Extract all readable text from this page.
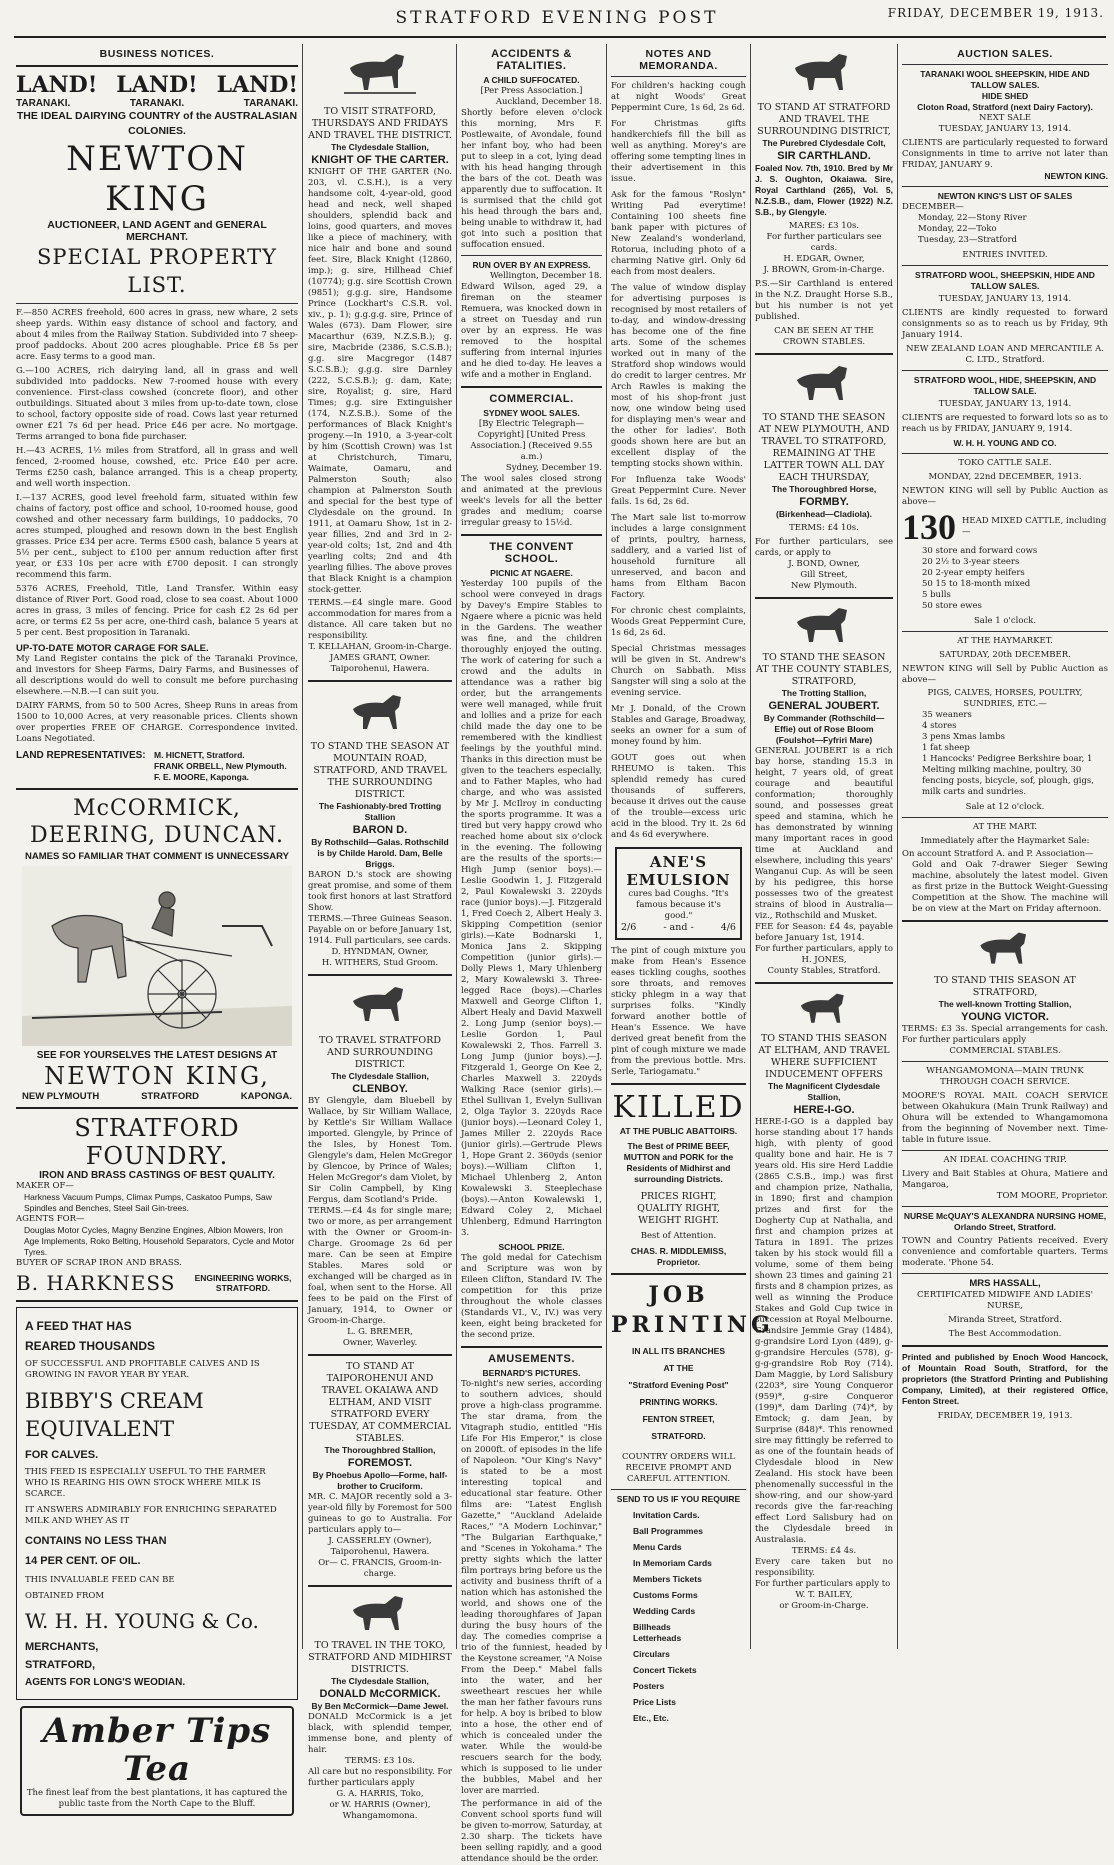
STRATFORD EVENING POST	FRIDAY, DECEMBER 19, 1913.
BUSINESS NOTICES.
LAND! LAND! LAND!
TARANAKI.	TARANAKI.	TARANAKI.
THE IDEAL DAIRYING COUNTRY of the AUSTRALASIAN COLONIES.
NEWTON KING
AUCTIONEER, LAND AGENT and GENERAL MERCHANT.
SPECIAL PROPERTY LIST.
F.—850 ACRES freehold, 600 acres in grass, new whare, 2 sets sheep yards. Within easy distance of school and factory, and about 4 miles from the Railway Station. Subdivided into 7 sheep-proof paddocks. About 200 acres ploughable. Price £8 5s per acre. Easy terms to a good man.
G.—100 ACRES, rich dairying land, all in grass and well subdivided into paddocks. New 7-roomed house with every convenience. First-class cowshed (concrete floor), and other outbuildings. Situated about 3 miles from up-to-date town, close to school, factory opposite side of road. Cows last year returned owner £21 7s 6d per head. Price £46 per acre. No mortgage. Terms arranged to bona fide purchaser.
H.—43 ACRES, 1½ miles from Stratford, all in grass and well fenced, 2-roomed house, cowshed, etc. Price £40 per acre. Terms £250 cash, balance arranged. This is a cheap property, and well worth inspection.
I.—137 ACRES, good level freehold farm, situated within few chains of factory, post office and school, 10-roomed house, good cowshed and other necessary farm buildings, 10 paddocks, 70 acres stumped, ploughed and resown down in the best English grasses. Price £34 per acre. Terms £500 cash, balance 5 years at 5½ per cent., subject to £100 per annum reduction after first year, or £33 10s per acre with £700 deposit. I can strongly recommend this farm.
5376 ACRES, Freehold, Title, Land Transfer. Within easy distance of River Port. Good road, close to sea coast. About 1000 acres in grass, 3 miles of fencing. Price for cash £2 2s 6d per acre, or terms £2 5s per acre, one-third cash, balance 5 years at 5 per cent. Best proposition in Taranaki.
UP-TO-DATE MOTOR CARAGE FOR SALE.
My Land Register contains the pick of the Taranaki Province, and investors for Sheep Farms, Dairy Farms, and Businesses of all descriptions would do well to consult me before purchasing elsewhere.—N.B.—I can suit you.
DAIRY FARMS, from 50 to 500 Acres, Sheep Runs in areas from 1500 to 10,000 Acres, at very reasonable prices. Clients shown over properties FREE OF CHARGE. Correspondence invited. Loans Negotiated.
LAND REPRESENTATIVES: M. HICNETT, Stratford.
FRANK ORBELL, New Plymouth.
F. E. MOORE, Kaponga.
McCORMICK, DEERING, DUNCAN.
NAMES SO FAMILIAR THAT COMMENT IS UNNECESSARY
SEE FOR YOURSELVES THE LATEST DESIGNS AT
NEWTON KING,
NEW PLYMOUTH	STRATFORD	KAPONGA.
STRATFORD FOUNDRY.
IRON AND BRASS CASTINGS OF BEST QUALITY.
MAKER OF—
Harkness Vacuum Pumps, Climax Pumps, Caskatoo Pumps, Saw Spindles and Benches, Steel Sail Gin-trees.
AGENTS FOR—
Douglas Motor Cycles, Magny Benzine Engines, Albion Mowers, Iron Age Implements, Roko Belting, Household Separators, Cycle and Motor Tyres.
BUYER OF SCRAP IRON AND BRASS.
B. HARKNESS	ENGINEERING WORKS, STRATFORD.
A FEED THAT HAS
REARED THOUSANDS
OF SUCCESSFUL AND PROFITABLE CALVES AND IS GROWING IN FAVOR YEAR BY YEAR.
BIBBY'S CREAM
EQUIVALENT
FOR CALVES.
THIS FEED IS ESPECIALLY USEFUL TO THE FARMER WHO IS REARING HIS OWN STOCK WHERE MILK IS SCARCE.
IT ANSWERS ADMIRABLY FOR ENRICHING SEPARATED MILK AND WHEY AS IT
CONTAINS NO LESS THAN
14 PER CENT. OF OIL.
THIS INVALUABLE FEED CAN BE
OBTAINED FROM
W. H. H. YOUNG & Co.
MERCHANTS,
STRATFORD,
AGENTS FOR LONG'S WEODIAN.
Amber Tips Tea
The finest leaf from the best plantations, it has captured the public taste from the North Cape to the Bluff.
TO VISIT STRATFORD, THURSDAYS AND FRIDAYS AND TRAVEL THE DISTRICT.
The Clydesdale Stallion,
KNIGHT OF THE CARTER.
KNIGHT OF THE GARTER (No. 203, vl. C.S.H.), is a very handsome colt, 4-year-old, good head and neck, well shaped shoulders, splendid back and loins, good quarters, and moves like a piece of machinery, with nice hair and bone and sound feet. Sire, Black Knight (12860, imp.); g. sire, Hillhead Chief (10774); g.g. sire Scottish Crown (9851); g.g.g. sire, Handsome Prince (Lockhart's C.S.R. vol. xiv., p. 1); g.g.g.g. sire, Prince of Wales (673). Dam Flower, sire Macarthur (639, N.Z.S.B.); g. sire, Macbride (2386, S.C.S.B.); g.g. sire Macgregor (1487 S.C.S.B.); g.g.g. sire Darnley (222, S.C.S.B.); g. dam, Kate; sire, Royalist; g. sire, Hard Times; g.g. sire Extinguisher (174, N.Z.S.B.). Some of the performances of Black Knight's progeny.—In 1910, a 3-year-colt by him (Scottish Crown) was 1st at Christchurch, Timaru, Waimate, Oamaru, and Palmerston South; also champion at Palmerston South and special for the best type of Clydesdale on the ground. In 1911, at Oamaru Show, 1st in 2-year fillies, 2nd and 3rd in 2-year-old colts; 1st, 2nd and 4th yearling colts; 2nd and 4th yearling fillies. The above proves that Black Knight is a champion stock-getter.
TERMS.—£4 single mare. Good accommodation for mares from a distance. All care taken but no responsibility.
T. KELLAHAN, Groom-in-Charge.
JAMES GRANT, Owner.
Taiporohenui, Hawera.
TO STAND THE SEASON AT MOUNTAIN ROAD, STRATFORD, AND TRAVEL THE SURROUNDING DISTRICT.
The Fashionably-bred Trotting Stallion
BARON D.
By Rothschild—Galas. Rothschild is by Childe Harold. Dam, Belle Briggs.
BARON D.'s stock are showing great promise, and some of them took first honors at last Stratford Show.
TERMS.—Three Guineas Season. Payable on or before January 1st, 1914. Full particulars, see cards.
D. HYNDMAN, Owner,
H. WITHERS, Stud Groom.
TO TRAVEL STRATFORD AND SURROUNDING DISTRICT.
The Clydesdale Stallion,
CLENBOY.
BY Glengyle, dam Bluebell by Wallace, by Sir William Wallace, by Kettle's Sir William Wallace imported. Glengyle, by Prince of the Isles, by Honest Tom. Glengyle's dam, Helen McGregor by Glencoe, by Prince of Wales; Helen McGregor's dam Violet, by Sir Colin Campbell, by King Fergus, dam Scotland's Pride.
TERMS.—£4 4s for single mare; two or more, as per arrangement with the Owner or Groom-in-Charge. Groomage 2s 6d per mare. Can be seen at Empire Stables. Mares sold or exchanged will be charged as in foal, when sent to the Horse. All fees to be paid on the First of January, 1914, to Owner or Groom-in-Charge.
L. G. BREMER,
Owner, Waverley.
TO STAND AT TAIPOROHENUI AND TRAVEL OKAIAWA AND ELTHAM, AND VISIT STRATFORD EVERY TUESDAY, AT COMMERCIAL STABLES.
The Thoroughbred Stallion,
FOREMOST.
By Phoebus Apollo—Forme, half-brother to Cruciform.
MR. C. MAJOR recently sold a 3-year-old filly by Foremost for 500 guineas to go to Australia. For particulars apply to—
J. CASSERLEY (Owner),
Taiporohenui, Hawera.
Or— C. FRANCIS, Groom-in-charge.
TO TRAVEL IN THE TOKO, STRATFORD AND MIDHIRST DISTRICTS.
The Clydesdale Stallion,
DONALD McCORMICK.
By Ben McCormick—Dame Jewel.
DONALD McCormick is a jet black, with splendid temper, immense bone, and plenty of hair.
TERMS: £3 10s.
All care but no responsibility. For further particulars apply
G. A. HARRIS, Toko,
or W. HARRIS (Owner),
Whangamomona.
ACCIDENTS & FATALITIES.
A CHILD SUFFOCATED.
[Per Press Association.]
Auckland, December 18.
Shortly before eleven o'clock this morning, Mrs F. Postlewaite, of Avondale, found her infant boy, who had been put to sleep in a cot, lying dead with his head hanging through the bars of the cot. Death was apparently due to suffocation. It is surmised that the child got his head through the bars and, being unable to withdraw it, had got into such a position that suffocation ensued.
RUN OVER BY AN EXPRESS.
Wellington, December 18.
Edward Wilson, aged 29, a fireman on the steamer Remuera, was knocked down in a street on Tuesday and run over by an express. He was removed to the hospital suffering from internal injuries and he died to-day. He leaves a wife and a mother in England.
COMMERCIAL.
SYDNEY WOOL SALES.
[By Electric Telegraph—Copyright] [United Press Association.] (Received 9.55 a.m.)
Sydney, December 19.
The wool sales closed strong and animated at the previous week's levels for all the better grades and medium; coarse irregular greasy to 15½d.
THE CONVENT SCHOOL.
PICNIC AT NGAERE.
Yesterday 100 pupils of the school were conveyed in drags by Davey's Empire Stables to Ngaere where a picnic was held in the Gardens. The weather was fine, and the children thoroughly enjoyed the outing. The work of catering for such a crowd and the adults in attendance was a rather big order, but the arrangements were well managed, while fruit and lollies and a prize for each child made the day one to be remembered with the kindliest feelings by the youthful mind. Thanks in this direction must be given to the teachers especially, and to Father Maples, who had charge, and who was assisted by Mr J. McIlroy in conducting the sports programme. It was a tired but very happy crowd who reached home about six o'clock in the evening. The following are the results of the sports:— High Jump (senior boys).—Leslie Goodwin 1, J. Fitzgerald 2, Paul Kowalewski 3. 220yds race (junior boys).—J. Fitzgerald 1, Fred Coech 2, Albert Healy 3. Skipping Competition (senior girls).—Kate Bodnarski 1, Monica Jans 2. Skipping Competition (junior girls).—Dolly Plews 1, Mary Uhlenberg 2, Mary Kowalewski 3. Three-legged Race (boys).—Charles Maxwell and George Clifton 1, Albert Healy and David Maxwell 2. Long Jump (senior boys).—Leslie Gordon 1, Paul Kowalewski 2, Thos. Farrell 3. Long Jump (junior boys).—J. Fitzgerald 1, George On Kee 2, Charles Maxwell 3. 220yds Walking Race (senior girls).—Ethel Sullivan 1, Evelyn Sullivan 2, Olga Taylor 3. 220yds Race (junior boys).—Leonard Coley 1, James Miller 2. 220yds Race (junior girls).—Gertrude Plews 1, Hope Grant 2. 360yds (senior boys).—William Clifton 1, Michael Uhlenberg 2, Anton Kowalewski 3. Steeplechase (boys).—Anton Kowalewski 1, Edward Coley 2, Michael Uhlenberg, Edmund Harrington 3.
SCHOOL PRIZE.
The gold medal for Catechism and Scripture was won by Eileen Clifton, Standard IV. The competition for this prize throughout the whole classes (Standards VI., V., IV.) was very keen, eight being bracketed for the second prize.
AMUSEMENTS.
BERNARD'S PICTURES.
To-night's new series, according to southern advices, should prove a high-class programme. The star drama, from the Vitagraph studio, entitled "His Life For His Emperor," is close on 2000ft. of episodes in the life of Napoleon. "Our King's Navy" is stated to be a most interesting topical and educational star feature. Other films are: "Latest English Gazette," "Auckland Adelaide Races," "A Modern Lochinvar," "The Bulgarian Earthquake," and "Scenes in Yokohama." The pretty sights which the latter film portrays bring before us the activity and business thrift of a nation which has astonished the world, and shows one of the leading thoroughfares of Japan during the busy hours of the day. The comedies comprise a trio of the funniest, headed by the Keystone screamer, "A Noise From the Deep." Mabel falls into the water, and her sweetheart rescues her while the man her father favours runs for help. A boy is bribed to blow into a hose, the other end of which is concealed under the water. While the would-be rescuers search for the body, which is supposed to lie under the bubbles, Mabel and her lover are married.
The performance in aid of the Convent school sports fund will be given to-morrow, Saturday, at 2.30 sharp. The tickets have been selling rapidly, and a good attendance should be the order.
NOTES AND MEMORANDA.

For children's hacking cough at night Woods' Great Peppermint Cure, 1s 6d, 2s 6d.

For Christmas gifts handkerchiefs fill the bill as well as anything. Morey's are offering some tempting lines in their advertisement in this issue.

Ask for the famous "Roslyn" Writing Pad everytime! Containing 100 sheets fine bank paper with pictures of New Zealand's wonderland, Rotorua, including photo of a charming Native girl. Only 6d each from most dealers.

The value of window display for advertising purposes is recognised by most retailers of to-day, and window-dressing has become one of the fine arts. Some of the schemes worked out in many of the Stratford shop windows would do credit to larger centres. Mr Arch Rawles is making the most of his shop-front just now, one window being used for displaying men's wear and the other for ladies'. Both goods shown here are but an excellent display of the tempting stocks shown within.

For Influenza take Woods' Great Peppermint Cure. Never fails. 1s 6d, 2s 6d.

The Mart sale list to-morrow includes a large consignment of prints, poultry, harness, saddlery, and a varied list of household furniture all unreserved, and bacon and hams from Eltham Bacon Factory.

For chronic chest complaints, Woods Great Peppermint Cure, 1s 6d, 2s 6d.

Special Christmas messages will be given in St. Andrew's Church on Sabbath. Miss Sangster will sing a solo at the evening service.

Mr J. Donald, of the Crown Stables and Garage, Broadway, seeks an owner for a sum of money found by him.

GOUT goes out when RHEUMO is taken. This splendid remedy has cured thousands of sufferers, because it drives out the cause of the trouble—excess uric acid in the blood. Try it. 2s 6d and 4s 6d everywhere.

ANE'S EMULSION
cures bad Coughs. "It's famous because it's good."
2/6	- and -	4/6

The pint of cough mixture you make from Hean's Essence eases tickling coughs, soothes sore throats, and removes sticky phlegm in a way that surprises folks. "Kindly forward another bottle of Hean's Essence. We have derived great benefit from the pint of cough mixture we made from the previous bottle. Mrs. Serle, Tariogamatu."

KILLED
AT THE PUBLIC ABATTOIRS.
The Best of PRIME BEEF, MUTTON and PORK for the Residents of Midhirst and surrounding Districts.
PRICES RIGHT,
QUALITY RIGHT,
WEIGHT RIGHT.
Best of Attention.
CHAS. R. MIDDLEMISS,
Proprietor.
JOB
PRINTING
IN ALL ITS BRANCHES
AT THE
"Stratford Evening Post"
PRINTING WORKS.
FENTON STREET,
STRATFORD.
COUNTRY ORDERS WILL RECEIVE PROMPT AND CAREFUL ATTENTION.
SEND TO US IF YOU REQUIRE
Invitation Cards.
Ball Programmes
Menu Cards
In Memoriam Cards
Members Tickets
Customs Forms
Wedding Cards
Billheads
Letterheads
Circulars
Concert Tickets
Posters
Price Lists
Etc., Etc.
TO STAND AT STRATFORD AND TRAVEL THE SURROUNDING DISTRICT,
The Purebred Clydesdale Colt,
SIR CARTHLAND.
Foaled Nov. 7th, 1910. Bred by Mr J. S. Oughton, Okaiawa. Sire, Royal Carthland (265), Vol. 5, N.Z.S.B., dam, Flower (1922) N.Z. S.B., by Glengyle.
MARES: £3 10s.
For further particulars see cards.
H. EDGAR, Owner,
J. BROWN, Grom-in-Charge.
P.S.—Sir Carthland is entered in the N.Z. Draught Horse S.B., but his number is not yet published.
CAN BE SEEN AT THE CROWN STABLES.
TO STAND THE SEASON AT NEW PLYMOUTH, AND TRAVEL TO STRATFORD, REMAINING AT THE LATTER TOWN ALL DAY EACH THURSDAY,
The Thoroughbred Horse,
FORMBY.
(Birkenhead—Cladiola).
TERMS: £4 10s.
For further particulars, see cards, or apply to
J. BOND, Owner,
Gill Street,
New Plymouth.
TO STAND THE SEASON AT THE COUNTY STABLES, STRATFORD,
The Trotting Stallion,
GENERAL JOUBERT.
By Commander (Rothschild—Effie) out of Rose Bloom (Foulshot—Fyfriri Mare)
GENERAL JOUBERT is a rich bay horse, standing 15.3 in height, 7 years old, of great courage and beautiful conformation; thoroughly sound, and possesses great speed and stamina, which he has demonstrated by winning many important races in good time at Auckland and elsewhere, including this years' Wanganui Cup. As will be seen by his pedigree, this horse possesses two of the greatest strains of blood in Australia—viz., Rothschild and Musket.
FEE for Season: £4 4s, payable before January 1st, 1914.
For further particulars, apply to
H. JONES,
County Stables, Stratford.
TO STAND THIS SEASON AT ELTHAM, AND TRAVEL WHERE SUFFICIENT INDUCEMENT OFFERS
The Magnificent Clydesdale Stallion,
HERE-I-GO.
HERE-I-GO is a dappled bay horse standing about 17 hands high, with plenty of good quality bone and hair. He is 7 years old. His sire Herd Laddie (2865 C.S.B., imp.) was first and champion prize, Nathalia, in 1890; first and champion prizes and first for the Dogherty Cup at Nathalia, and first and champion prizes at Tatura in 1891. The prizes taken by his stock would fill a volume, some of them being shown 23 times and gaining 21 firsts and 8 champion prizes, as well as winning the Produce Stakes and Gold Cup twice in succession at Royal Melbourne. Grandsire Jemmie Gray (1484), g-grandsire Lord Lyon (489), g-g-grandsire Hercules (578), g-g-g-grandsire Rob Roy (714). Dam Maggie, by Lord Salisbury (2203*, sire Young Conqueror (959)*, g-sire Conqueror (199)*, dam Darling (74)*, by Emtock; g. dam Jean, by Surprise (848)*. This renowned sire may fittingly be referred to as one of the fountain heads of Clydesdale blood in New Zealand. His stock have been phenomenally successful in the show-ring, and our show-yard records give the far-reaching effect Lord Salisbury had on the Clydesdale breed in Australasia.
TERMS: £4 4s.
Every care taken but no responsibility.
For further particulars apply to
W. T. BAILEY,
or Groom-in-Charge.
AUCTION SALES.
TARANAKI WOOL SHEEPSKIN, HIDE AND TALLOW SALES.
HIDE SHED
Cloton Road, Stratford (next Dairy Factory).
NEXT SALE
TUESDAY, JANUARY 13, 1914.
CLIENTS are particularly requested to forward Consignments in time to arrive not later than FRIDAY, JANUARY 9.
NEWTON KING.
NEWTON KING'S LIST OF SALES
DECEMBER—
Monday, 22—Stony River
Monday, 22—Toko
Tuesday, 23—Stratford
ENTRIES INVITED.
STRATFORD WOOL, SHEEPSKIN, HIDE AND TALLOW SALES.
TUESDAY, JANUARY 13, 1914.
CLIENTS are kindly requested to forward consignments so as to reach us by Friday, 9th January 1914.
NEW ZEALAND LOAN AND MERCANTILE A. C. LTD., Stratford.
STRATFORD WOOL, HIDE, SHEEPSKIN, AND TALLOW SALE.
TUESDAY, JANUARY 13, 1914.
CLIENTS are requested to forward lots so as to reach us by FRIDAY, JANUARY 9, 1914.
W. H. H. YOUNG AND CO.
TOKO CATTLE SALE.
MONDAY, 22nd DECEMBER, 1913.
NEWTON KING will sell by Public Auction as above—
130 HEAD MIXED CATTLE, including—
30 store and forward cows
20 2½ to 3-year steers
20 2-year empty heifers
50 15 to 18-month mixed
5 bulls
50 store ewes
Sale 1 o'clock.
AT THE HAYMARKET.
SATURDAY, 20th DECEMBER.
NEWTON KING will Sell by Public Auction as above—
PIGS, CALVES, HORSES, POULTRY, SUNDRIES, ETC.—
35 weaners
4 stores
3 pens Xmas lambs
1 fat sheep
1 Hancocks' Pedigree Berkshire boar, 1 Melting milking machine, poultry, 30 fencing posts, bicycle, sof, plough, gigs, milk carts and sundries.
Sale at 12 o'clock.
AT THE MART.
Immediately after the Haymarket Sale:
On account Stratford A. and P. Association—
Gold and Oak 7-drawer Sieger Sewing machine, absolutely the latest model. Given as first prize in the Buttock Weight-Guessing Competition at the Show. The machine will be on view at the Mart on Friday afternoon.
TO STAND THIS SEASON AT STRATFORD,
The well-known Trotting Stallion,
YOUNG VICTOR.
TERMS: £3 3s. Special arrangements for cash. For further particulars apply
COMMERCIAL STABLES.
WHANGAMOMONA—MAIN TRUNK THROUGH COACH SERVICE.
MOORE'S ROYAL MAIL COACH SERVICE between Okahukura (Main Trunk Railway) and Ohura will be extended to Whangamomona from the beginning of November next. Time-table in future issue.
AN IDEAL COACHING TRIP.
Livery and Bait Stables at Ohura, Matiere and Mangaroa,
TOM MOORE, Proprietor.
NURSE McQUAY'S ALEXANDRA NURSING HOME, Orlando Street, Stratford.
TOWN and Country Patients received. Every convenience and comfortable quarters. Terms moderate. 'Phone 54.
MRS HASSALL,
CERTIFICATED MIDWIFE AND LADIES' NURSE,
Miranda Street, Stratford.
The Best Accommodation.
Printed and published by Enoch Wood Hancock, of Mountain Road South, Stratford, for the proprietors (the Stratford Printing and Publishing Company, Limited), at their registered Office, Fenton Street.
FRIDAY, DECEMBER 19, 1913.
